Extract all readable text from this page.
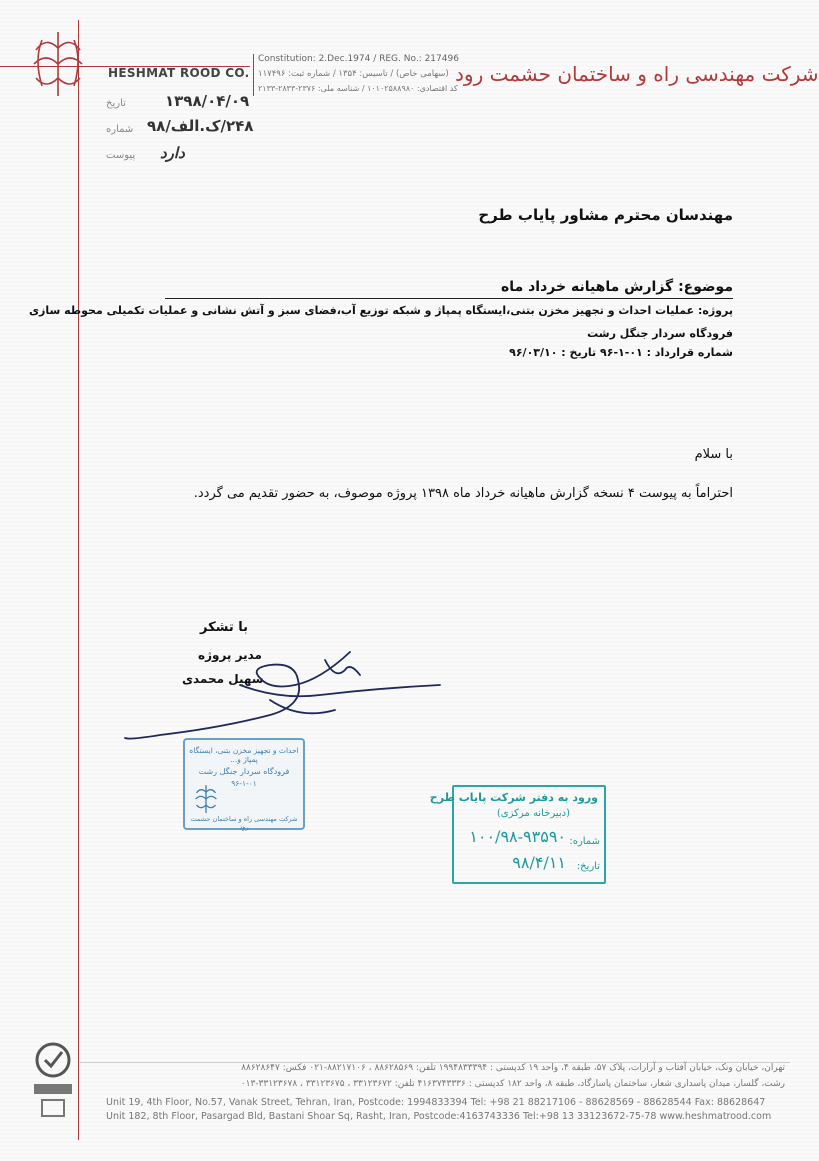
HESHMAT ROOD CO.	شرکت مهندسی راه و ساختمان حشمت رود
Constitution: 2.Dec.1974 / REG. No.: 217496
(سهامی خاص) / تاسیس: ۱۳۵۴ / شماره ثبت: ۱۱۷۴۹۶
کد اقتصادی: ۱۰۱۰۲۵۸۸۹۸۰ / شناسه ملی: ۲۳۷۶-۲۸۳۳-۲۱۳۳
۱۳۹۸/۰۴/۰۹
تاریخ
۲۴۸/ک.الف/۹۸
شماره
دارد
پیوست
مهندسان محترم مشاور پایاب طرح
موضوع: گزارش ماهیانه خرداد ماه
پروژه: عملیات احداث و تجهیز مخزن بتنی،ایستگاه پمپاژ و شبکه توزیع آب،فضای سبز و آتش نشانی و عملیات تکمیلی محوطه سازی
فرودگاه سردار جنگل رشت
شماره قرارداد : ۰۱-۱-۹۶ تاریخ : ۹۶/۰۳/۱۰
با سلام
احتراماً به پیوست ۴ نسخه گزارش ماهیانه خرداد ماه ۱۳۹۸ پروژه موصوف، به حضور تقدیم می گردد.
با تشکر
مدیر پروژه
سهیل محمدی
احداث و تجهیز مخزن بتنی، ایستگاه پمپاژ و...
فرودگاه سردار جنگل رشت
۹۶-۱-۰۱
شرکت مهندسی راه و ساختمان حشمت رود
ورود به دفتر شرکت پایاب طرح
(دبیرخانه مرکزی)
شماره:
۱۰۰/۹۸-۹۳۵۹۰
تاریخ:
۹۸/۴/۱۱
تهران، خیابان ونک، خیابان آفتاب و آرارات، پلاک ۵۷، طبقه ۴، واحد ۱۹ کدپستی : ۱۹۹۴۸۳۳۳۹۴ تلفن: ۸۸۶۲۸۵۶۹ ، ۸۸۲۱۷۱۰۶-۰۲۱ فکس: ۸۸۶۲۸۶۴۷
رشت، گلسار، میدان پاسداری شعار، ساختمان پاسارگاد، طبقه ۸، واحد ۱۸۲ کدپستی : ۴۱۶۳۷۴۳۳۳۶ تلفن: ۳۳۱۲۳۶۷۲ ، ۳۳۱۲۳۶۷۵ ، ۳۳۱۲۳۶۷۸-۰۱۳
Unit 19, 4th Floor, No.57, Vanak Street, Tehran, Iran, Postcode: 1994833394 Tel: +98 21 88217106 - 88628569 - 88628544 Fax: 88628647
Unit 182, 8th Floor, Pasargad Bld, Bastani Shoar Sq, Rasht, Iran, Postcode:4163743336 Tel:+98 13 33123672-75-78 www.heshmatrood.com
